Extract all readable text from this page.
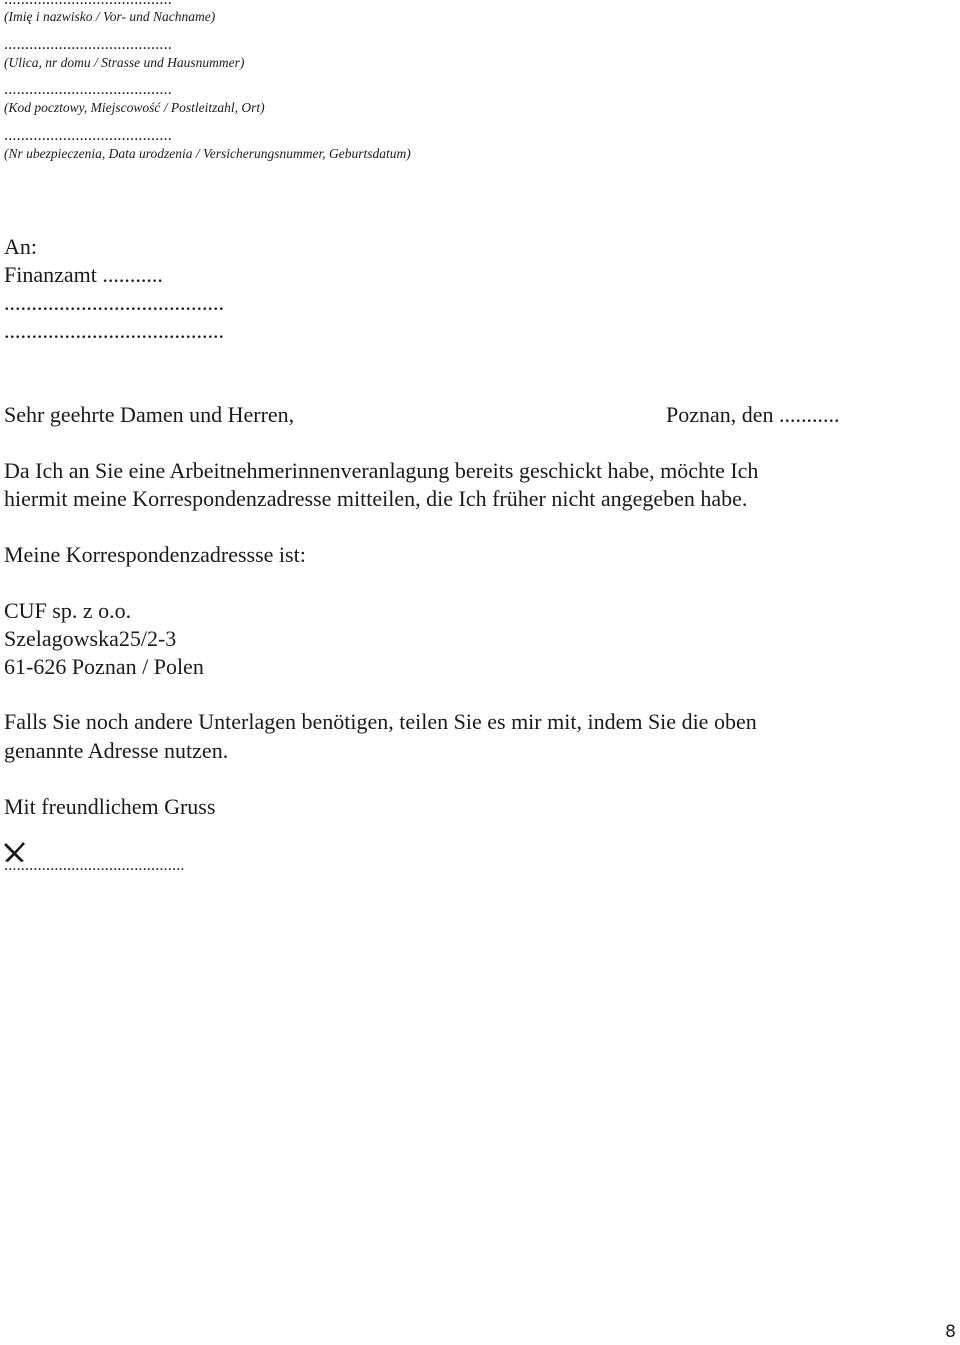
(Imię i nazwisko / Vor- und Nachname)
........................................
(Ulica, nr domu / Strasse und Hausnummer)
........................................
(Kod pocztowy, Miejscowość / Postleitzahl, Ort)
........................................
(Nr ubezpieczenia, Data urodzenia / Versicherungsnummer, Geburtsdatum)
An:
Finanzamt ...........
........................................
........................................
Sehr geehrte Damen und Herren,	Poznan, den ...........
Da Ich an Sie eine Arbeitnehmerinnenveranlagung bereits geschickt habe, möchte Ich
hiermit meine Korrespondenzadresse mitteilen, die Ich früher nicht angegeben habe.
Meine Korrespondenzadressse ist:
CUF sp. z o.o.
Szelagowska25/2-3
61-626 Poznan / Polen
Falls Sie noch andere Unterlagen benötigen, teilen Sie es mir mit, indem Sie die oben
genannte Adresse nutzen.
Mit freundlichem Gruss
...........................................
8
